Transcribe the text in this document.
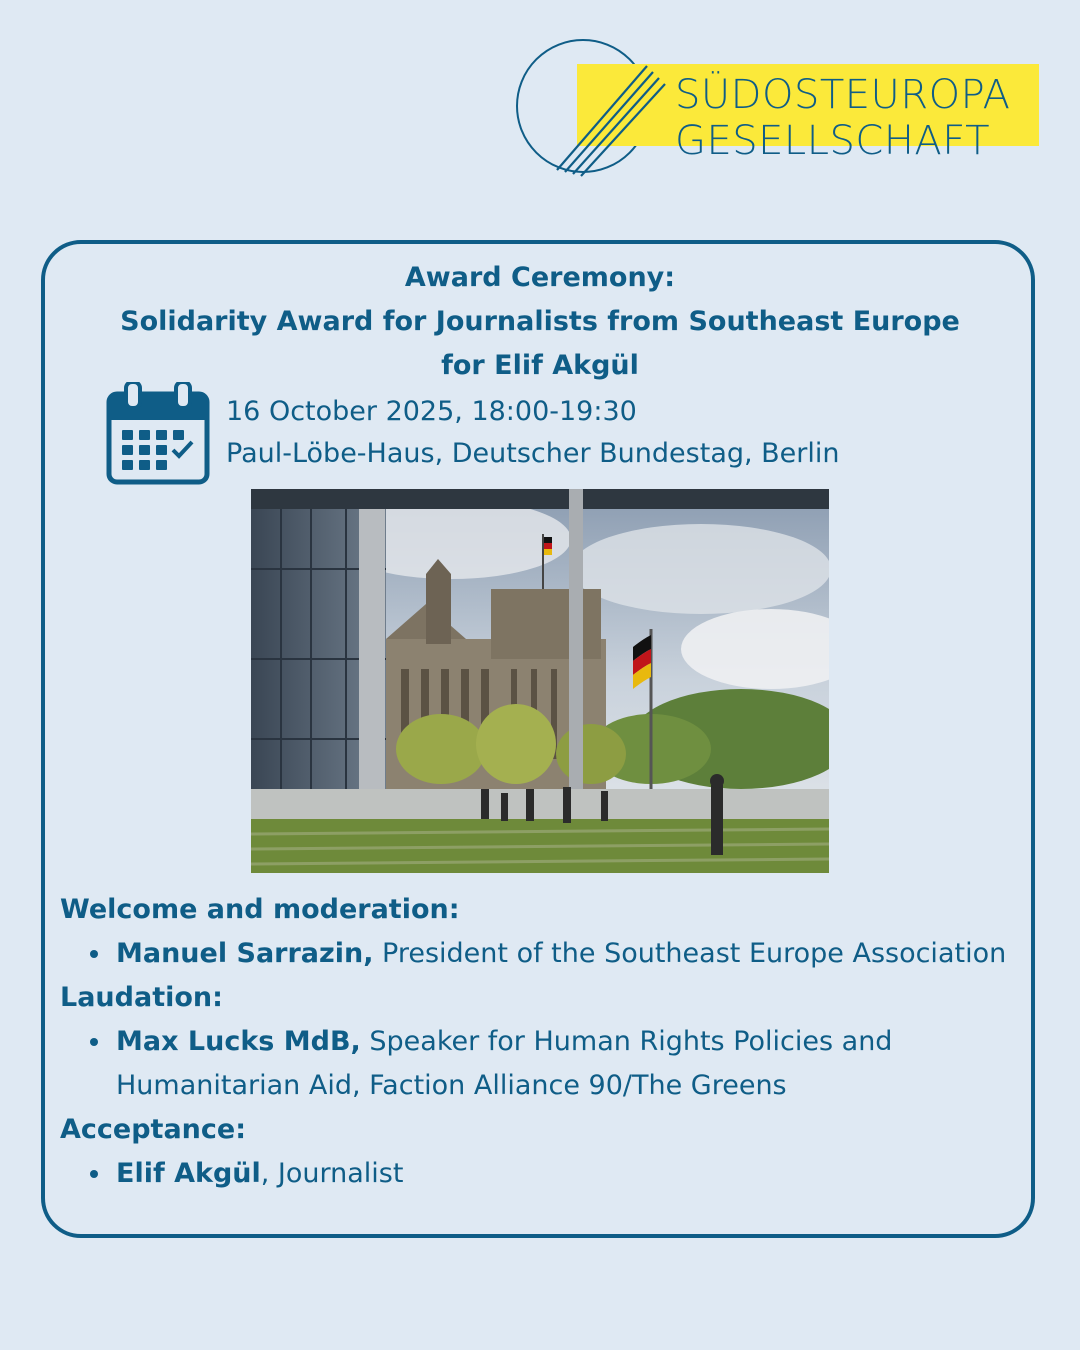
SÜDOSTEUROPA
GESELLSCHAFT
Award Ceremony:
Solidarity Award for Journalists from Southeast Europe
for Elif Akgül
16 October 2025, 18:00-19:30
Paul-Löbe-Haus, Deutscher Bundestag, Berlin
Welcome and moderation:
Manuel Sarrazin, President of the Southeast Europe Association
Laudation:
Max Lucks MdB, Speaker for Human Rights Policies and Humanitarian Aid, Faction Alliance 90/The Greens
Acceptance:
Elif Akgül, Journalist
